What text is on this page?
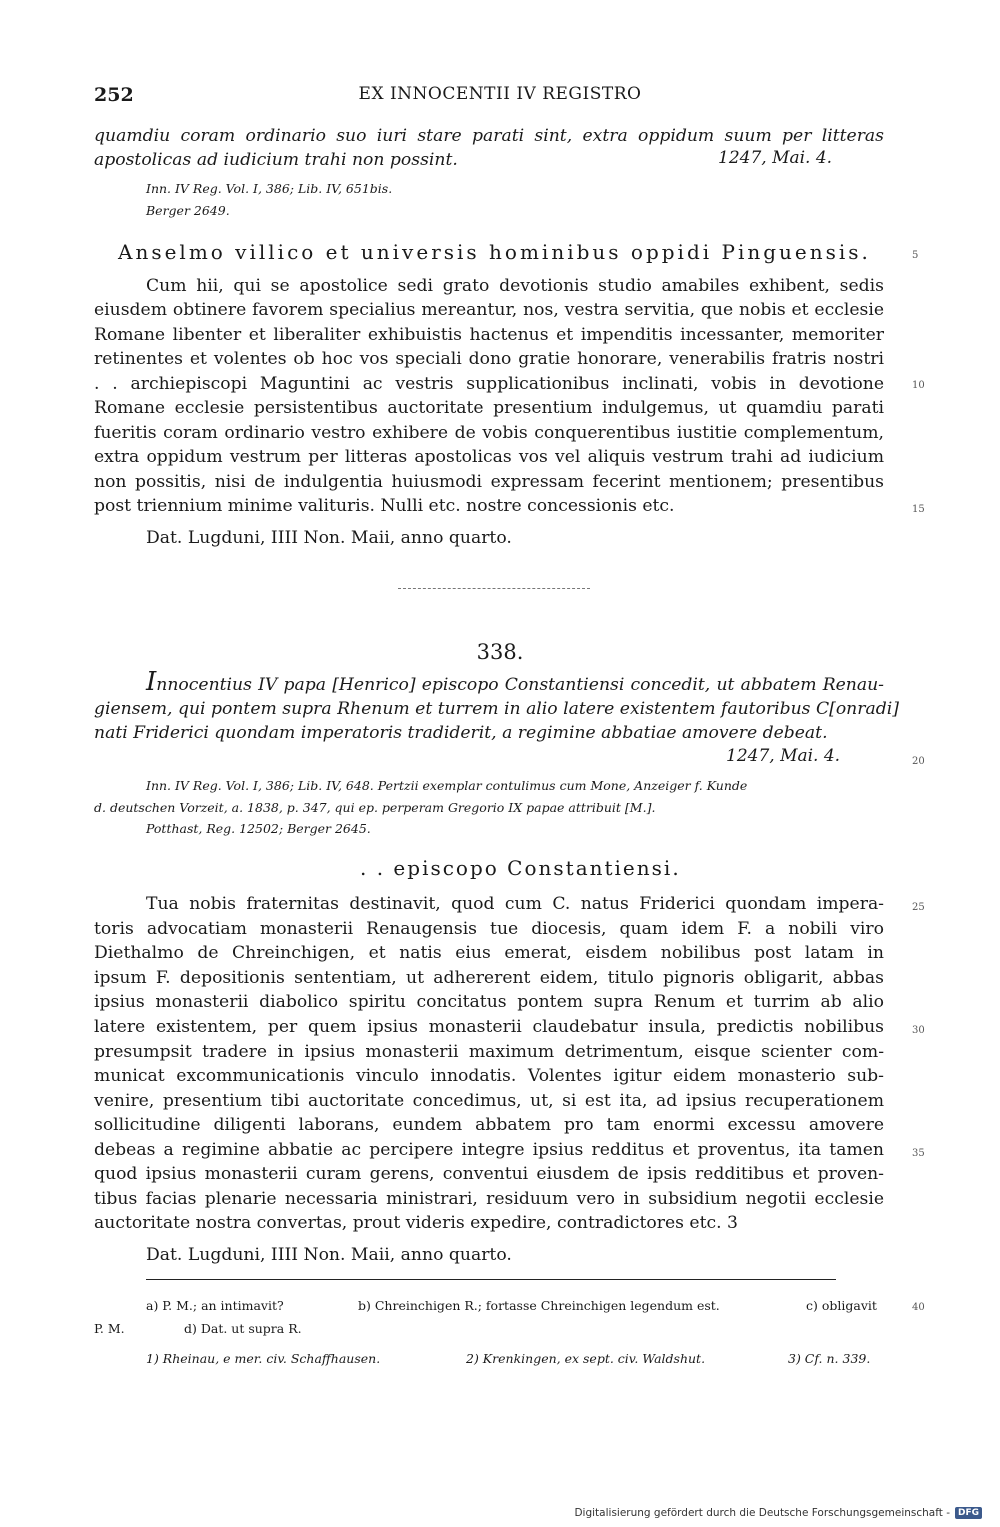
252	EX INNOCENTII IV REGISTRO
quamdiu coram ordinario suo iuri stare parati sint, extra oppidum suum per litteras
apostolicas ad iudicium trahi non possint.	1247, Mai. 4.
Inn. IV Reg. Vol. I, 386; Lib. IV, 651bis.
Berger 2649.
Anselmo villico et universis hominibus oppidi Pinguensis.	5
Cum hii, qui se apostolice sedi grato devotionis studio amabiles exhibent, sedis
eiusdem obtinere favorem specialius mereantur, nos, vestra servitia, que nobis et ecclesie
Romane libenter et liberaliter exhibuistis hactenus et impenditis incessanter, memoriter
retinentes et volentes ob hoc vos speciali dono gratie honorare, venerabilis fratris nostri
. . archiepiscopi Maguntini ac vestris supplicationibus inclinati, vobis in devotione	10
Romane ecclesie persistentibus auctoritate presentium indulgemus, ut quamdiu parati
fueritis coram ordinario vestro exhibere de vobis conquerentibus iustitie complementum,
extra oppidum vestrum per litteras apostolicas vos vel aliquis vestrum trahi ad iudicium
non possitis, nisi de indulgentia huiusmodi expressam fecerint mentionem; presentibus
post triennium minime valituris. Nulli etc. nostre concessionis etc.	15
Dat. Lugduni, IIII Non. Maii, anno quarto.
338.
Innocentius IV papa [Henrico] episcopo Constantiensi concedit, ut abbatem Renau-
giensem, qui pontem supra Rhenum et turrem in alio latere existentem fautoribus C[onradi]
nati Friderici quondam imperatoris tradiderit, a regimine abbatiae amovere debeat.
1247, Mai. 4.	20
Inn. IV Reg. Vol. I, 386; Lib. IV, 648. Pertzii exemplar contulimus cum Mone, Anzeiger f. Kunde
d. deutschen Vorzeit, a. 1838, p. 347, qui ep. perperam Gregorio IX papae attribuit [M.].
Potthast, Reg. 12502; Berger 2645.
. . episcopo Constantiensi.
Tua nobis fraternitas destinavit, quod cum C. natus Friderici quondam impera-	25
toris advocatiam monasterii Renaugensis tue diocesis, quam idem F. a nobili viro
Diethalmo de Chreinchigen, et natis eius emerat, eisdem nobilibus post latam in
ipsum F. depositionis sententiam, ut adhererent eidem, titulo pignoris obligarit, abbas
ipsius monasterii diabolico spiritu concitatus pontem supra Renum et turrim ab alio
latere existentem, per quem ipsius monasterii claudebatur insula, predictis nobilibus	30
presumpsit tradere in ipsius monasterii maximum detrimentum, eisque scienter com-
municat excommunicationis vinculo innodatis. Volentes igitur eidem monasterio sub-
venire, presentium tibi auctoritate concedimus, ut, si est ita, ad ipsius recuperationem
sollicitudine diligenti laborans, eundem abbatem pro tam enormi excessu amovere
debeas a regimine abbatie ac percipere integre ipsius redditus et proventus, ita tamen	35
quod ipsius monasterii curam gerens, conventui eiusdem de ipsis redditibus et proven-
tibus facias plenarie necessaria ministrari, residuum vero in subsidium negotii ecclesie
auctoritate nostra convertas, prout videris expedire, contradictores etc. 3
Dat. Lugduni, IIII Non. Maii, anno quarto.
a) P. M.; an intimavit?	b) Chreinchigen R.; fortasse Chreinchigen legendum est.	c) obligavit	40
P. M.	d) Dat. ut supra R.
1) Rheinau, e mer. civ. Schaffhausen.	2) Krenkingen, ex sept. civ. Waldshut.	3) Cf. n. 339.
Digitalisierung gefördert durch die Deutsche Forschungsgemeinschaft - DFG
